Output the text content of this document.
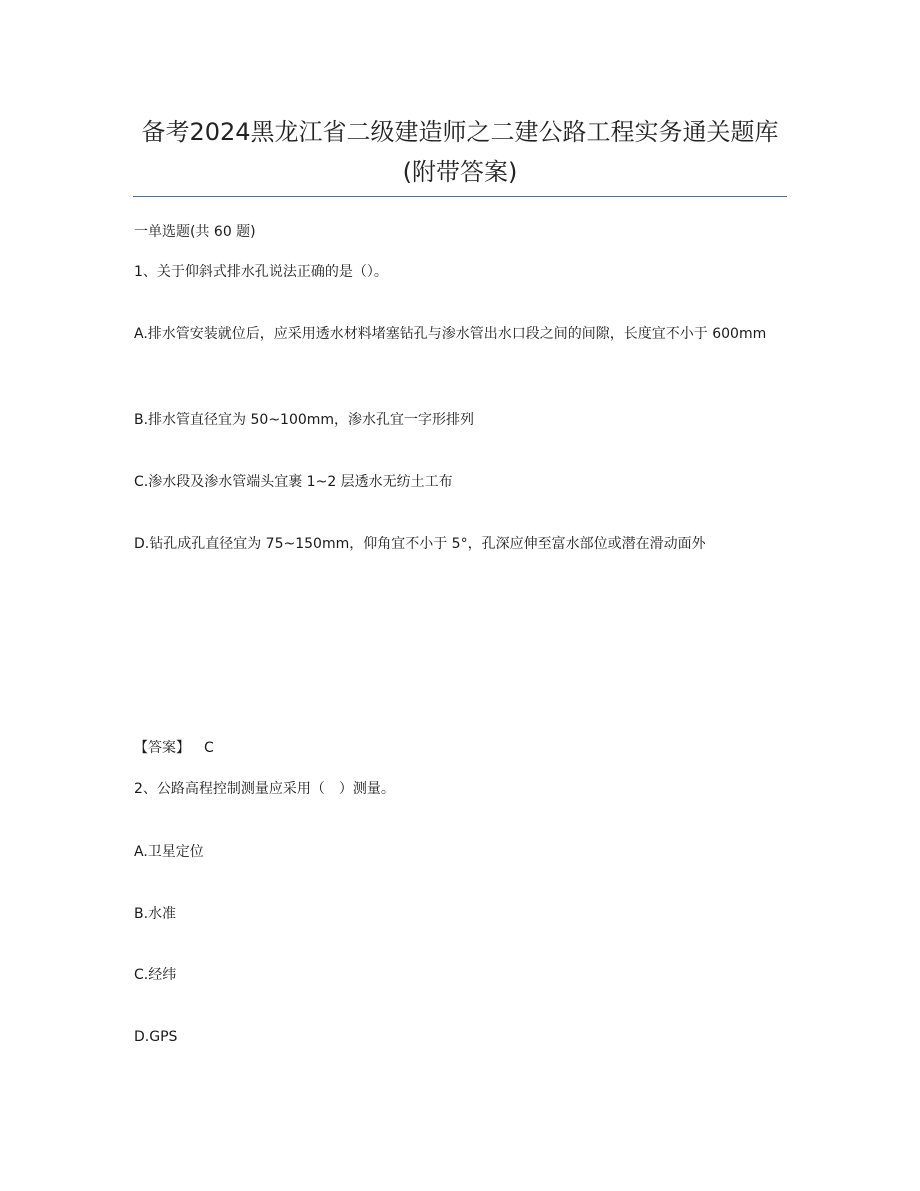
备考2024黑龙江省二级建造师之二建公路工程实务通关题库(附带答案)
一单选题(共 60 题)
1、关于仰斜式排水孔说法正确的是（）。
A.排水管安装就位后，应采用透水材料堵塞钻孔与渗水管出水口段之间的间隙，长度宜不小于 600mm
B.排水管直径宜为 50~100mm，渗水孔宜一字形排列
C.渗水段及渗水管端头宜裹 1~2 层透水无纺土工布
D.钻孔成孔直径宜为 75~150mm，仰角宜不小于 5°，孔深应伸至富水部位或潜在滑动面外
【答案】 C
2、公路高程控制测量应采用（　）测量。
A.卫星定位
B.水准
C.经纬
D.GPS
